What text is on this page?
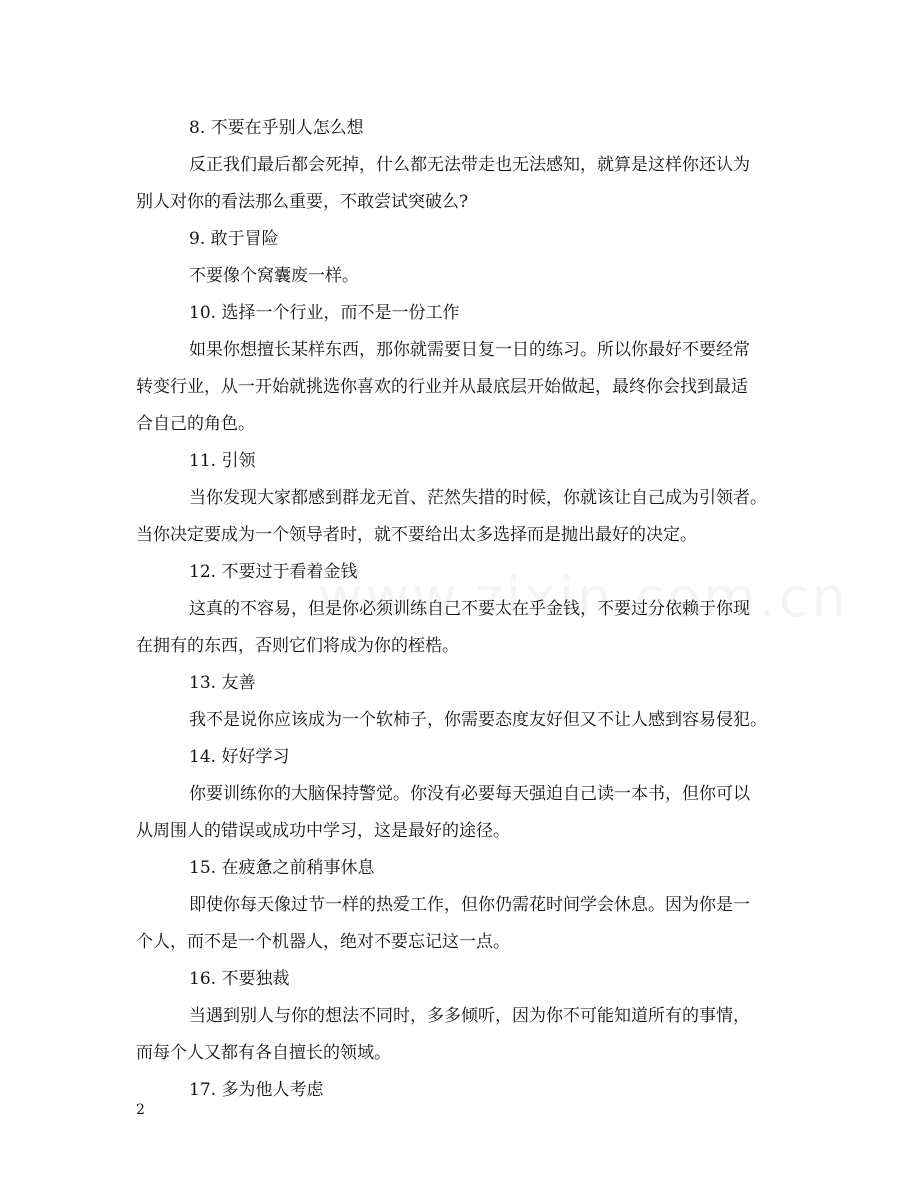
8. 不要在乎别人怎么想
反正我们最后都会死掉，什么都无法带走也无法感知，就算是这样你还认为
别人对你的看法那么重要，不敢尝试突破么?
9. 敢于冒险
不要像个窝囊废一样。
10. 选择一个行业，而不是一份工作
如果你想擅长某样东西，那你就需要日复一日的练习。所以你最好不要经常
转变行业，从一开始就挑选你喜欢的行业并从最底层开始做起，最终你会找到最适
合自己的角色。
11. 引领
当你发现大家都感到群龙无首、茫然失措的时候，你就该让自己成为引领者。
当你决定要成为一个领导者时，就不要给出太多选择而是抛出最好的决定。
12. 不要过于看着金钱
这真的不容易，但是你必须训练自己不要太在乎金钱，不要过分依赖于你现
在拥有的东西，否则它们将成为你的桎梏。
13. 友善
我不是说你应该成为一个软柿子，你需要态度友好但又不让人感到容易侵犯。
14. 好好学习
你要训练你的大脑保持警觉。你没有必要每天强迫自己读一本书，但你可以
从周围人的错误或成功中学习，这是最好的途径。
15. 在疲惫之前稍事休息
即使你每天像过节一样的热爱工作，但你仍需花时间学会休息。因为你是一
个人，而不是一个机器人，绝对不要忘记这一点。
16. 不要独裁
当遇到别人与你的想法不同时，多多倾听，因为你不可能知道所有的事情，
而每个人又都有各自擅长的领域。
17. 多为他人考虑
2
